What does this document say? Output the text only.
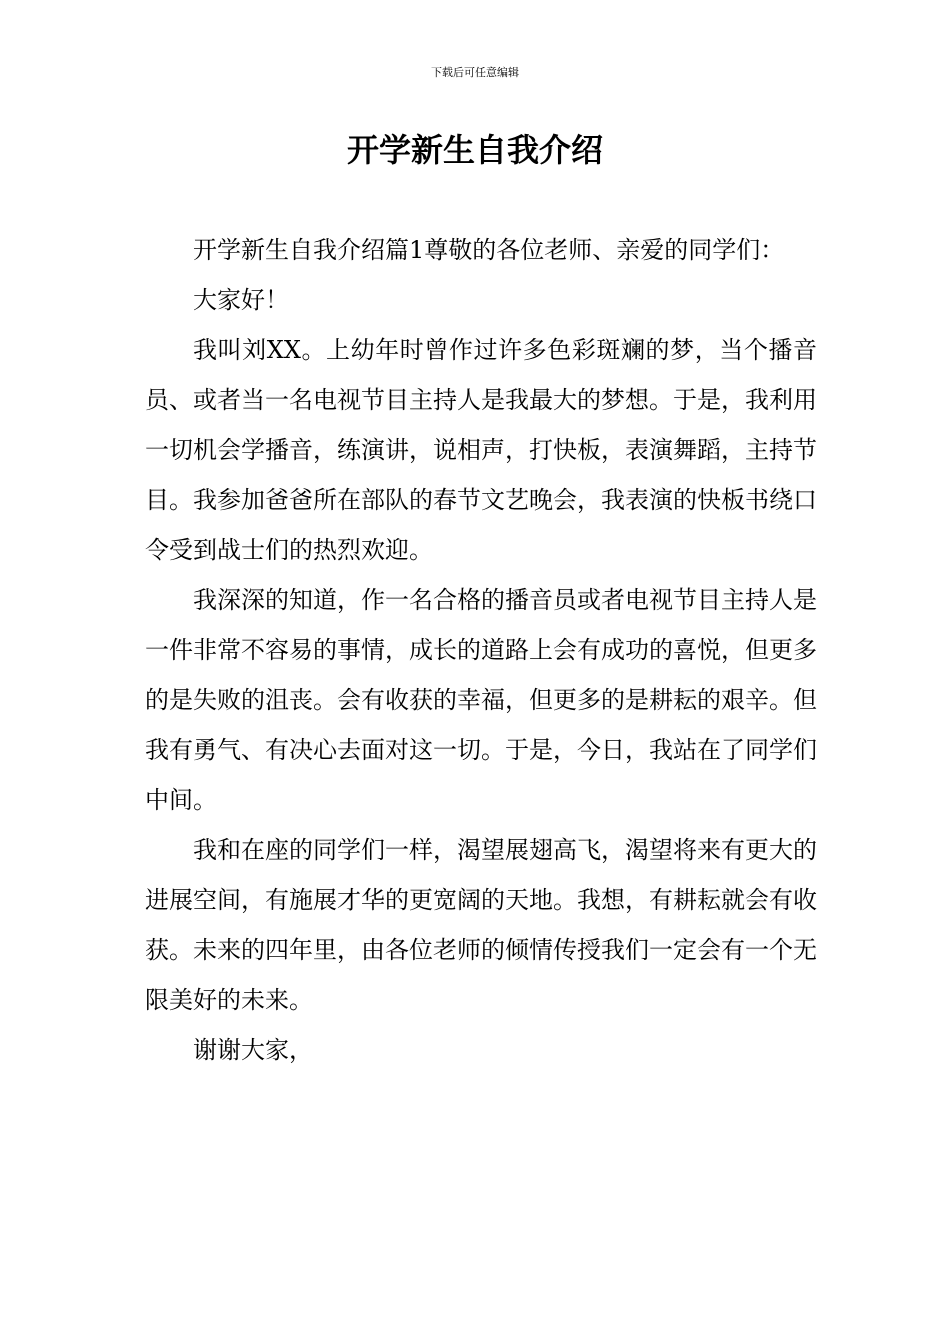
下载后可任意编辑
开学新生自我介绍

开学新生自我介绍篇1尊敬的各位老师、亲爱的同学们：

大家好！

我叫刘XX。上幼年时曾作过许多色彩斑斓的梦，当个播音员、或者当一名电视节目主持人是我最大的梦想。于是，我利用一切机会学播音，练演讲，说相声，打快板，表演舞蹈，主持节目。我参加爸爸所在部队的春节文艺晚会，我表演的快板书绕口令受到战士们的热烈欢迎。

我深深的知道，作一名合格的播音员或者电视节目主持人是一件非常不容易的事情，成长的道路上会有成功的喜悦，但更多的是失败的沮丧。会有收获的幸福，但更多的是耕耘的艰辛。但我有勇气、有决心去面对这一切。于是，今日，我站在了同学们中间。

我和在座的同学们一样，渴望展翅高飞，渴望将来有更大的进展空间，有施展才华的更宽阔的天地。我想，有耕耘就会有收获。未来的四年里，由各位老师的倾情传授我们一定会有一个无限美好的未来。

谢谢大家，
